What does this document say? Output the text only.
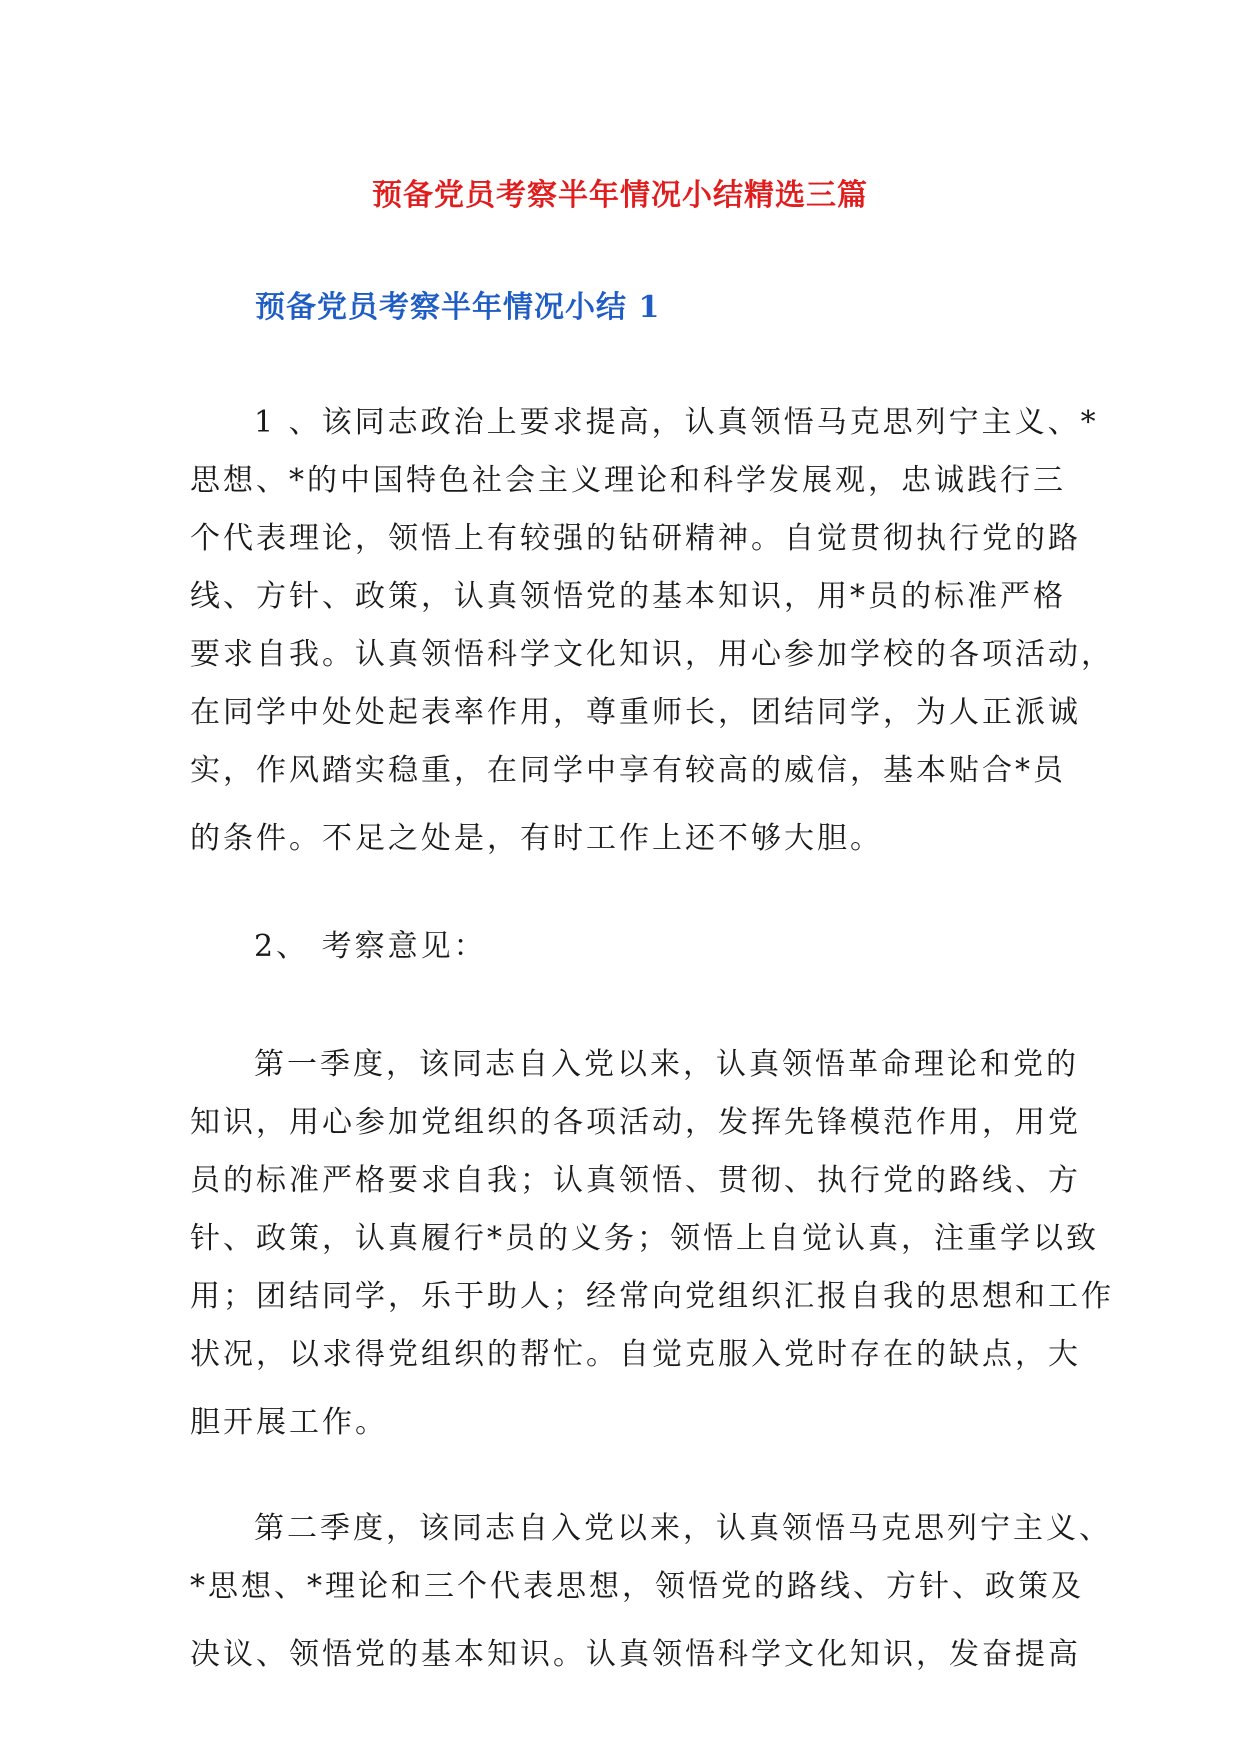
预备党员考察半年情况小结精选三篇
预备党员考察半年情况小结 1

1 、该同志政治上要求提高，认真领悟马克思列宁主义、*
思想、*的中国特色社会主义理论和科学发展观，忠诚践行三
个代表理论，领悟上有较强的钻研精神。自觉贯彻执行党的路
线、方针、政策，认真领悟党的基本知识，用*员的标准严格
要求自我。认真领悟科学文化知识，用心参加学校的各项活动，
在同学中处处起表率作用，尊重师长，团结同学，为人正派诚
实，作风踏实稳重，在同学中享有较高的威信，基本贴合*员
的条件。不足之处是，有时工作上还不够大胆。

2、 考察意见：

第一季度，该同志自入党以来，认真领悟革命理论和党的
知识，用心参加党组织的各项活动，发挥先锋模范作用，用党
员的标准严格要求自我；认真领悟、贯彻、执行党的路线、方
针、政策，认真履行*员的义务；领悟上自觉认真，注重学以致
用；团结同学，乐于助人；经常向党组织汇报自我的思想和工作
状况，以求得党组织的帮忙。自觉克服入党时存在的缺点，大
胆开展工作。

第二季度，该同志自入党以来，认真领悟马克思列宁主义、
*思想、*理论和三个代表思想，领悟党的路线、方针、政策及
决议、领悟党的基本知识。认真领悟科学文化知识，发奋提高
